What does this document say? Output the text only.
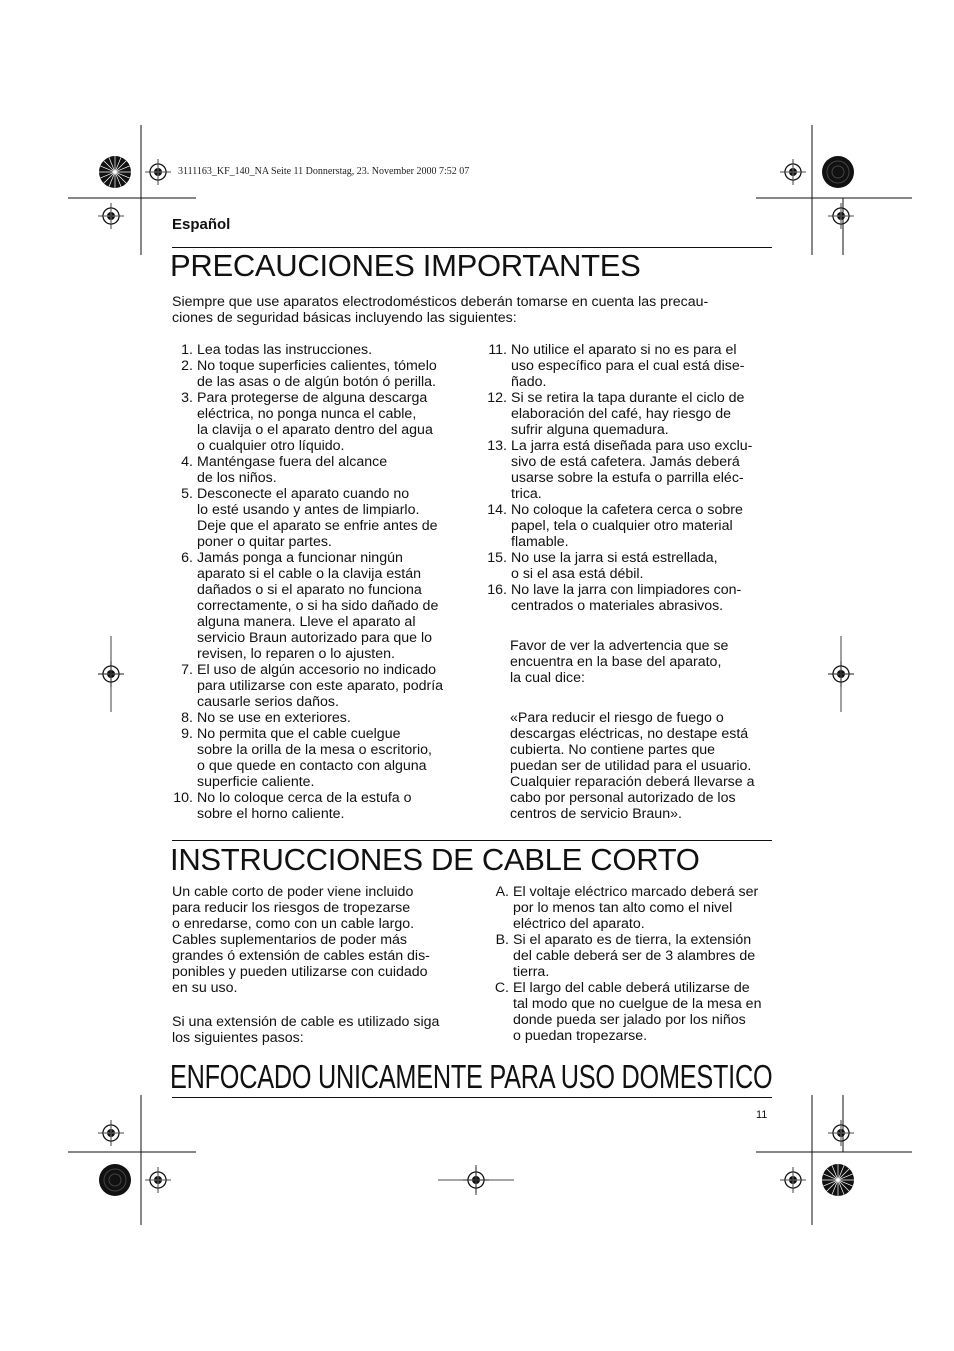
3111163_KF_140_NA Seite 11 Donnerstag, 23. November 2000 7:52 07
Español
PRECAUCIONES IMPORTANTES
Siempre que use aparatos electrodomésticos deberán tomarse en cuenta las precau-
ciones de seguridad básicas incluyendo las siguientes:
1. Lea todas las instrucciones.
2. No toque superficies calientes, tómelo
de las asas o de algún botón ó perilla.
3. Para protegerse de alguna descarga
eléctrica, no ponga nunca el cable,
la clavija o el aparato dentro del agua
o cualquier otro líquido.
4. Manténgase fuera del alcance
de los niños.
5. Desconecte el aparato cuando no
lo esté usando y antes de limpiarlo.
Deje que el aparato se enfrie antes de
poner o quitar partes.
6. Jamás ponga a funcionar ningún
aparato si el cable o la clavija están
dañados o si el aparato no funciona
correctamente, o si ha sido dañado de
alguna manera. Lleve el aparato al
servicio Braun autorizado para que lo
revisen, lo reparen o lo ajusten.
7. El uso de algún accesorio no indicado
para utilizarse con este aparato, podría
causarle serios daños.
8. No se use en exteriores.
9. No permita que el cable cuelgue
sobre la orilla de la mesa o escritorio,
o que quede en contacto con alguna
superficie caliente.
10. No lo coloque cerca de la estufa o
sobre el horno caliente.
11. No utilice el aparato si no es para el
uso específico para el cual está dise-
ñado.
12. Si se retira la tapa durante el ciclo de
elaboración del café, hay riesgo de
sufrir alguna quemadura.
13. La jarra está diseñada para uso exclu-
sivo de está cafetera. Jamás deberá
usarse sobre la estufa o parrilla eléc-
trica.
14. No coloque la cafetera cerca o sobre
papel, tela o cualquier otro material
flamable.
15. No use la jarra si está estrellada,
o si el asa está débil.
16. No lave la jarra con limpiadores con-
centrados o materiales abrasivos.
Favor de ver la advertencia que se
encuentra en la base del aparato,
la cual dice:
«Para reducir el riesgo de fuego o
descargas eléctricas, no destape está
cubierta. No contiene partes que
puedan ser de utilidad para el usuario.
Cualquier reparación deberá llevarse a
cabo por personal autorizado de los
centros de servicio Braun».
INSTRUCCIONES DE CABLE CORTO
Un cable corto de poder viene incluido
para reducir los riesgos de tropezarse
o enredarse, como con un cable largo.
Cables suplementarios de poder más
grandes ó extensión de cables están dis-
ponibles y pueden utilizarse con cuidado
en su uso.
Si una extensión de cable es utilizado siga
los siguientes pasos:
A. El voltaje eléctrico marcado deberá ser
por lo menos tan alto como el nivel
eléctrico del aparato.
B. Si el aparato es de tierra, la extensión
del cable deberá ser de 3 alambres de
tierra.
C. El largo del cable deberá utilizarse de
tal modo que no cuelgue de la mesa en
donde pueda ser jalado por los niños
o puedan tropezarse.
ENFOCADO UNICAMENTE PARA USO DOMESTICO
11
